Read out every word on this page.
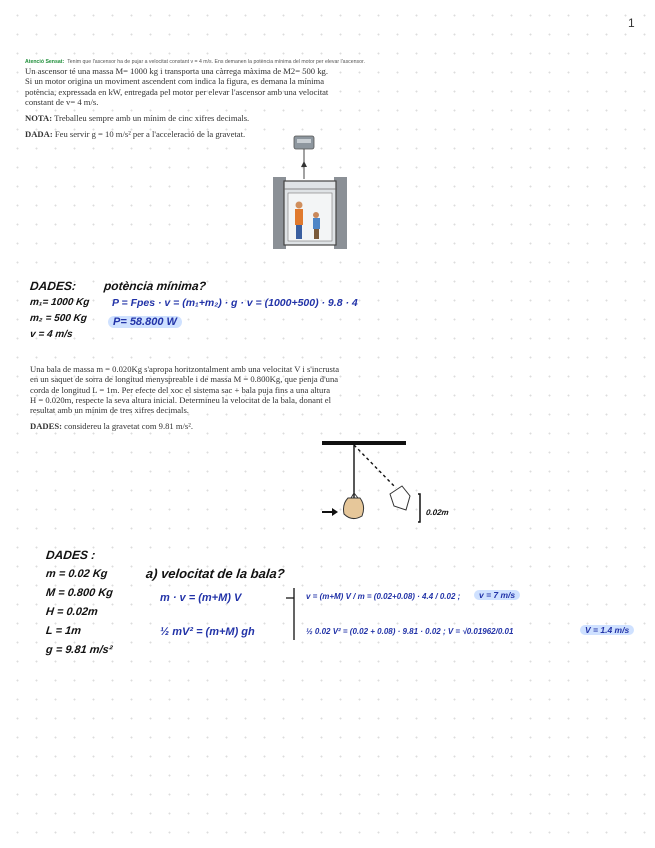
1
Atenció Sensat: Tenim que l'ascensor ha de pujar a velocitat constant v = 4 m/s. Ens demanen la potència mínima del motor per elevar l'ascensor.

Un ascensor té una massa M= 1000 kg i transporta una càrrega màxima de M2= 500 kg.

Si un motor origina un moviment ascendent com indica la figura, es demana la mínima

potència, expressada en kW, entregada pel motor per elevar l'ascensor amb una velocitat

constant de v= 4 m/s.

NOTA: Treballeu sempre amb un mínim de cinc xifres decimals.

DADA: Feu servir g = 10 m/s² per a l'acceleració de la gravetat.

DADES: potència mínima?
m₁= 1000 Kg
m₂ = 500 Kg
v = 4 m/s
P = Fpes · v = (m₁+m₂) · g · v = (1000+500) · 9.8 · 4
P= 58.800 W

Una bala de massa m = 0.020Kg s'apropa horitzontalment amb una velocitat V i s'incrusta

en un saquet de sorra de longitud menyspreable i de massa M = 0.800Kg, que penja d'una

corda de longitud L = 1m. Per efecte del xoc el sistema sac + bala puja fins a una altura

H = 0.020m, respecte la seva altura inicial. Determineu la velocitat de la bala, donant el

resultat amb un mínim de tres xifres decimals.

DADES: considereu la gravetat com 9.81 m/s².

0.02m
DADES :
m = 0.02 Kg
M = 0.800 Kg
H = 0.02m
L = 1m
g = 9.81 m/s²
a) velocitat de la bala?
m · v = (m+M) V
½ mV² = (m+M) gh
v = (m+M) V / m = (0.02+0.08) · 4.4 / 0.02 ;	v = 7 m/s
½ 0.02 V² = (0.02 + 0.08) · 9.81 · 0.02 ; V = √0.01962/0.01	V = 1.4 m/s
